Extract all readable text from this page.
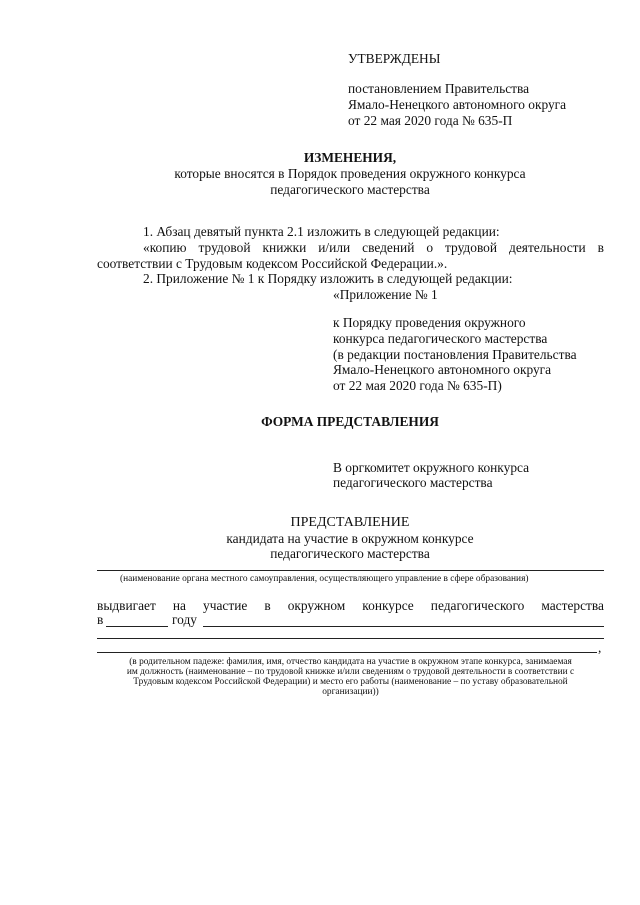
УТВЕРЖДЕНЫ
постановлением Правительства
Ямало-Ненецкого автономного округа
от 22 мая 2020 года № 635-П
ИЗМЕНЕНИЯ,
которые вносятся в Порядок проведения окружного конкурса
педагогического мастерства
1. Абзац девятый пункта 2.1 изложить в следующей редакции:
«копию трудовой книжки и/или сведений о трудовой деятельности в
соответствии с Трудовым кодексом Российской Федерации.».
2. Приложение № 1 к Порядку изложить в следующей редакции:
«Приложение № 1
к Порядку проведения окружного
конкурса педагогического мастерства
(в редакции постановления Правительства
Ямало-Ненецкого автономного округа
от 22 мая 2020 года № 635-П)
ФОРМА ПРЕДСТАВЛЕНИЯ
В оргкомитет окружного конкурса
педагогического мастерства
ПРЕДСТАВЛЕНИЕ
кандидата на участие в окружном конкурсе
педагогического мастерства
(наименование органа местного самоуправления, осуществляющего управление в сфере образования)
выдвигает на участие в окружном конкурсе педагогического мастерства
в	году
,
(в родительном падеже: фамилия, имя, отчество кандидата на участие в окружном этапе конкурса, занимаемая
им должность (наименование – по трудовой книжке и/или сведениям о трудовой деятельности в соответствии с
Трудовым кодексом Российской Федерации) и место его работы (наименование – по уставу образовательной
организации))
